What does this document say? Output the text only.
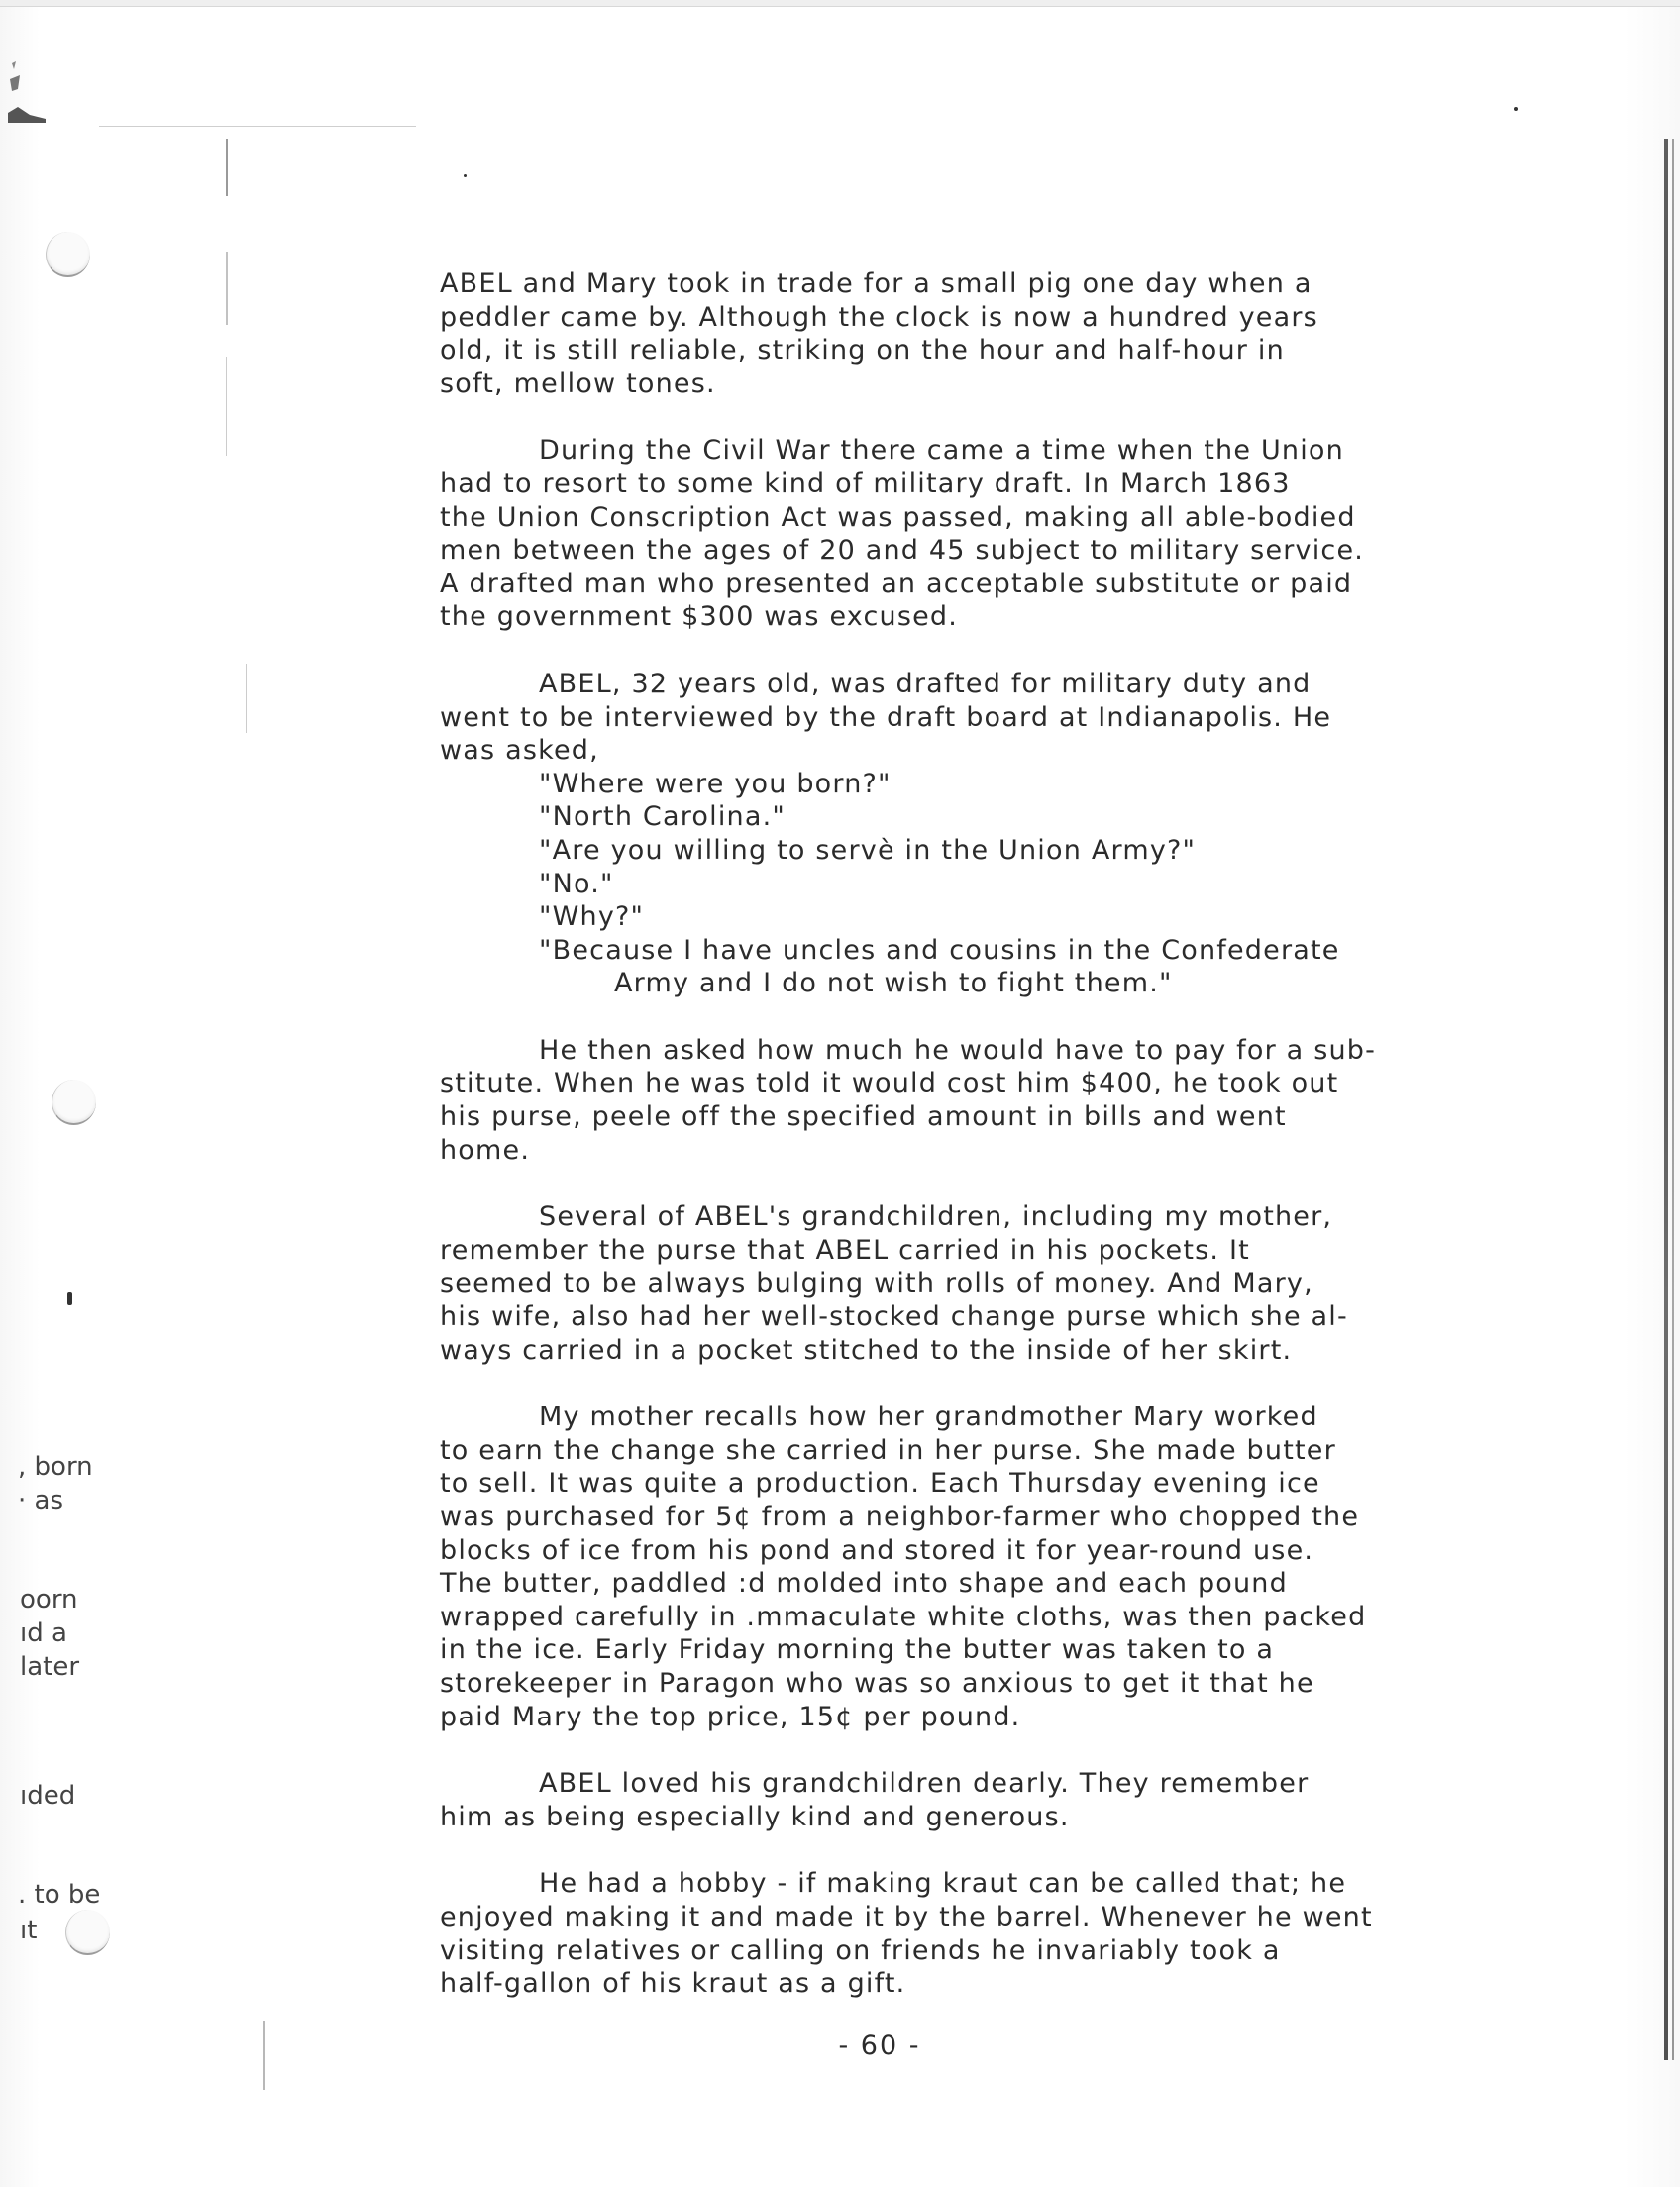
, born
· as
oorn
ıd a
later
ıded
. to be
ıt
ABEL and Mary took in trade for a small pig one day when a
peddler came by. Although the clock is now a hundred years
old, it is still reliable, striking on the hour and half-hour in
soft, mellow tones.
During the Civil War there came a time when the Union
had to resort to some kind of military draft. In March 1863
the Union Conscription Act was passed, making all able-bodied
men between the ages of 20 and 45 subject to military service.
A drafted man who presented an acceptable substitute or paid
the government $300 was excused.
ABEL, 32 years old, was drafted for military duty and
went to be interviewed by the draft board at Indianapolis. He
was asked,
"Where were you born?"
"North Carolina."
"Are you willing to servè in the Union Army?"
"No."
"Why?"
"Because I have uncles and cousins in the Confederate
Army and I do not wish to fight them."
He then asked how much he would have to pay for a sub-
stitute. When he was told it would cost him $400, he took out
his purse, peele off the specified amount in bills and went
home.
Several of ABEL's grandchildren, including my mother,
remember the purse that ABEL carried in his pockets. It
seemed to be always bulging with rolls of money. And Mary,
his wife, also had her well-stocked change purse which she al-
ways carried in a pocket stitched to the inside of her skirt.
My mother recalls how her grandmother Mary worked
to earn the change she carried in her purse. She made butter
to sell. It was quite a production. Each Thursday evening ice
was purchased for 5¢ from a neighbor-farmer who chopped the
blocks of ice from his pond and stored it for year-round use.
The butter, paddled :d molded into shape and each pound
wrapped carefully in .mmaculate white cloths, was then packed
in the ice. Early Friday morning the butter was taken to a
storekeeper in Paragon who was so anxious to get it that he
paid Mary the top price, 15¢ per pound.
ABEL loved his grandchildren dearly. They remember
him as being especially kind and generous.
He had a hobby - if making kraut can be called that; he
enjoyed making it and made it by the barrel. Whenever he went
visiting relatives or calling on friends he invariably took a
half-gallon of his kraut as a gift.
- 60 -
